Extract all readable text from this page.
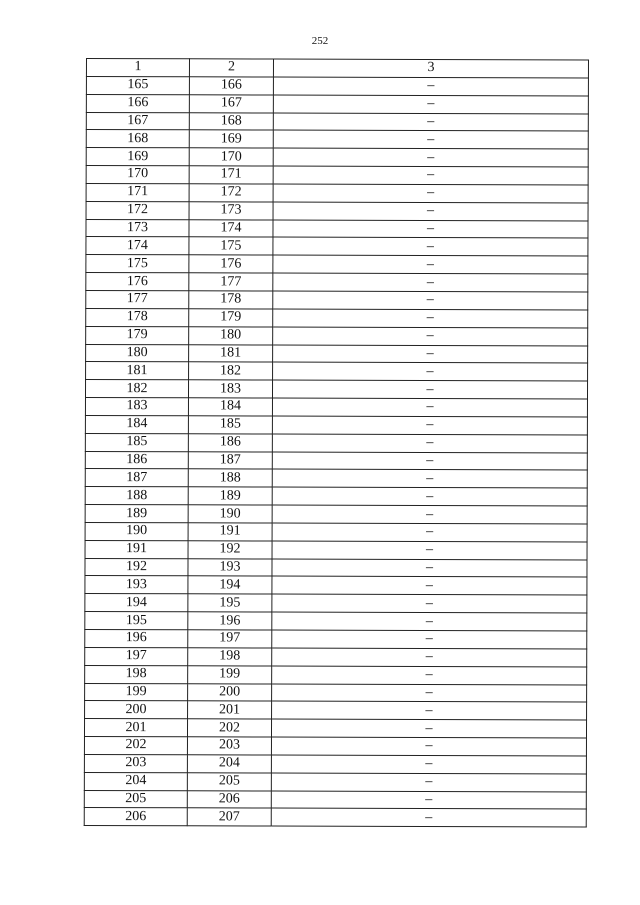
252
1	2	3
165	166	–
166	167	–
167	168	–
168	169	–
169	170	–
170	171	–
171	172	–
172	173	–
173	174	–
174	175	–
175	176	–
176	177	–
177	178	–
178	179	–
179	180	–
180	181	–
181	182	–
182	183	–
183	184	–
184	185	–
185	186	–
186	187	–
187	188	–
188	189	–
189	190	–
190	191	–
191	192	–
192	193	–
193	194	–
194	195	–
195	196	–
196	197	–
197	198	–
198	199	–
199	200	–
200	201	–
201	202	–
202	203	–
203	204	–
204	205	–
205	206	–
206	207	–
